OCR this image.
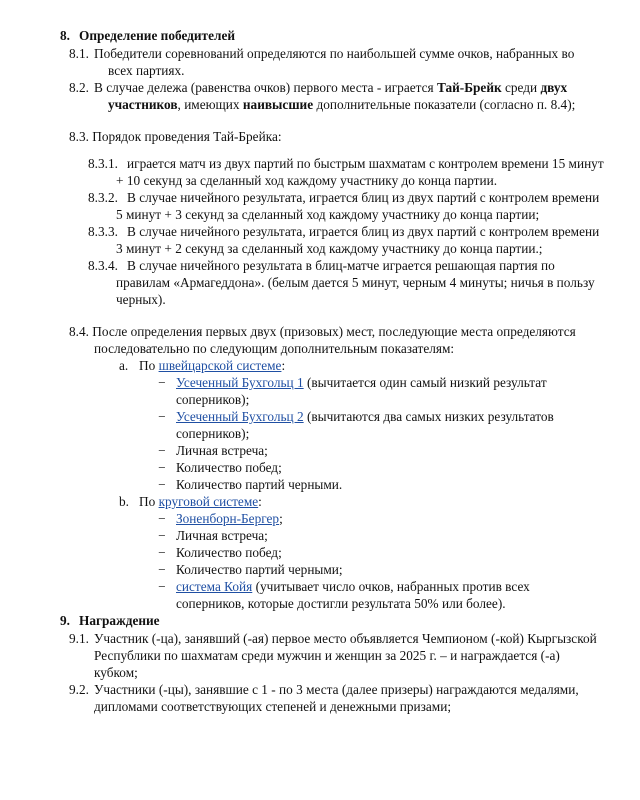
8. Определение победителей
8.1. Победители соревнований определяются по наибольшей сумме очков, набранных во
всех партиях.
8.2. В случае дележа (равенства очков) первого места - играется Тай-Брейк среди двух
участников, имеющих наивысшие дополнительные показатели (согласно п. 8.4);
8.3. Порядок проведения Тай-Брейка:
8.3.1. играется матч из двух партий по быстрым шахматам с контролем времени 15 минут
+ 10 секунд за сделанный ход каждому участнику до конца партии.
8.3.2. В случае ничейного результата, играется блиц из двух партий с контролем времени
5 минут + 3 секунд за сделанный ход каждому участнику до конца партии;
8.3.3. В случае ничейного результата, играется блиц из двух партий с контролем времени
3 минут + 2 секунд за сделанный ход каждому участнику до конца партии.;
8.3.4. В случае ничейного результата в блиц-матче играется решающая партия по
правилам «Армагеддона». (белым дается 5 минут, черным 4 минуты; ничья в пользу
черных).
8.4. После определения первых двух (призовых) мест, последующие места определяются
последовательно по следующим дополнительным показателям:
a. По швейцарской системе:
− Усеченный Бухгольц 1 (вычитается один самый низкий результат
соперников);
− Усеченный Бухгольц 2 (вычитаются два самых низких результатов
соперников);
− Личная встреча;
− Количество побед;
− Количество партий черными.
b. По круговой системе:
− Зоненборн-Бергер;
− Личная встреча;
− Количество побед;
− Количество партий черными;
− система Койя (учитывает число очков, набранных против всех
соперников, которые достигли результата 50% или более).
9. Награждение
9.1. Участник (-ца), занявший (-ая) первое место объявляется Чемпионом (-кой) Кыргызской
Республики по шахматам среди мужчин и женщин за 2025 г. – и награждается (-а)
кубком;
9.2. Участники (-цы), занявшие с 1 - по 3 места (далее призеры) награждаются медалями,
дипломами соответствующих степеней и денежными призами;
